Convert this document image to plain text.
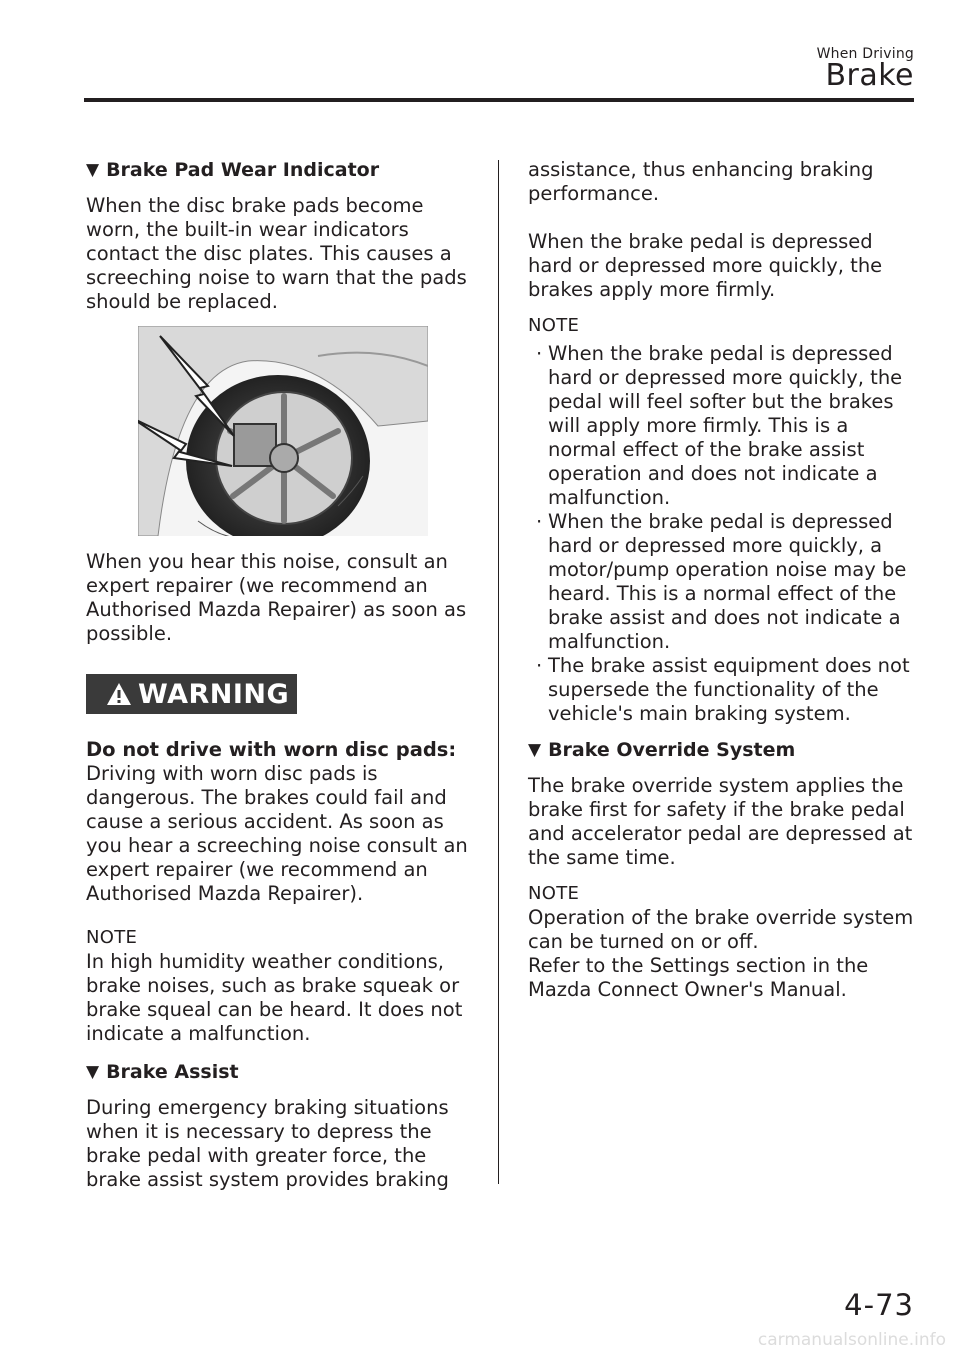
When Driving
Brake
▼ Brake Pad Wear Indicator

When the disc brake pads become worn, the built-in wear indicators contact the disc plates. This causes a screeching noise to warn that the pads should be replaced.

When you hear this noise, consult an expert repairer (we recommend an Authorised Mazda Repairer) as soon as possible.

WARNING

Do not drive with worn disc pads:

Driving with worn disc pads is dangerous. The brakes could fail and cause a serious accident. As soon as you hear a screeching noise consult an expert repairer (we recommend an Authorised Mazda Repairer).

NOTE

In high humidity weather conditions, brake noises, such as brake squeak or brake squeal can be heard. It does not indicate a malfunction.

▼ Brake Assist

During emergency braking situations when it is necessary to depress the brake pedal with greater force, the brake assist system provides braking

assistance, thus enhancing braking performance.

When the brake pedal is depressed hard or depressed more quickly, the brakes apply more firmly.

NOTE
· When the brake pedal is depressed hard or depressed more quickly, the pedal will feel softer but the brakes will apply more firmly. This is a normal effect of the brake assist operation and does not indicate a malfunction.
· When the brake pedal is depressed hard or depressed more quickly, a motor/pump operation noise may be heard. This is a normal effect of the brake assist and does not indicate a malfunction.
· The brake assist equipment does not supersede the functionality of the vehicle's main braking system.
▼ Brake Override System

The brake override system applies the brake first for safety if the brake pedal and accelerator pedal are depressed at the same time.

NOTE

Operation of the brake override system can be turned on or off.

Refer to the Settings section in the Mazda Connect Owner's Manual.

4-73
carmanualsonline.info
